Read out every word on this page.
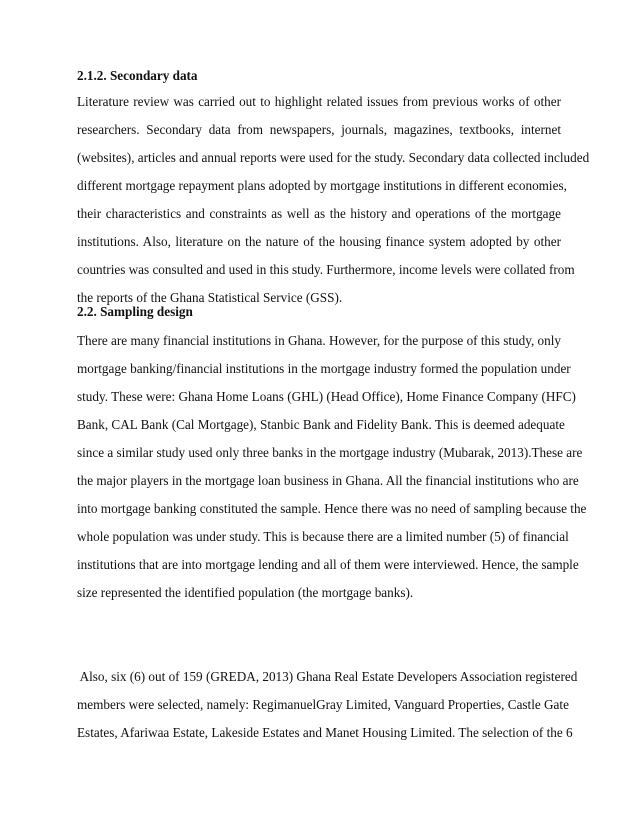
2.1.2. Secondary data
Literature review was carried out to highlight related issues from previous works of other
researchers. Secondary data from newspapers, journals, magazines, textbooks, internet
(websites), articles and annual reports were used for the study. Secondary data collected included
different mortgage repayment plans adopted by mortgage institutions in different economies,
their characteristics and constraints as well as the history and operations of the mortgage
institutions. Also, literature on the nature of the housing finance system adopted by other
countries was consulted and used in this study. Furthermore, income levels were collated from
the reports of the Ghana Statistical Service (GSS).
2.2. Sampling design
There are many financial institutions in Ghana. However, for the purpose of this study, only
mortgage banking/financial institutions in the mortgage industry formed the population under
study. These were: Ghana Home Loans (GHL) (Head Office), Home Finance Company (HFC)
Bank, CAL Bank (Cal Mortgage), Stanbic Bank and Fidelity Bank. This is deemed adequate
since a similar study used only three banks in the mortgage industry (Mubarak, 2013).These are
the major players in the mortgage loan business in Ghana. All the financial institutions who are
into mortgage banking constituted the sample. Hence there was no need of sampling because the
whole population was under study. This is because there are a limited number (5) of financial
institutions that are into mortgage lending and all of them were interviewed. Hence, the sample
size represented the identified population (the mortgage banks).
Also, six (6) out of 159 (GREDA, 2013) Ghana Real Estate Developers Association registered
members were selected, namely: RegimanuelGray Limited, Vanguard Properties, Castle Gate
Estates, Afariwaa Estate, Lakeside Estates and Manet Housing Limited. The selection of the 6
